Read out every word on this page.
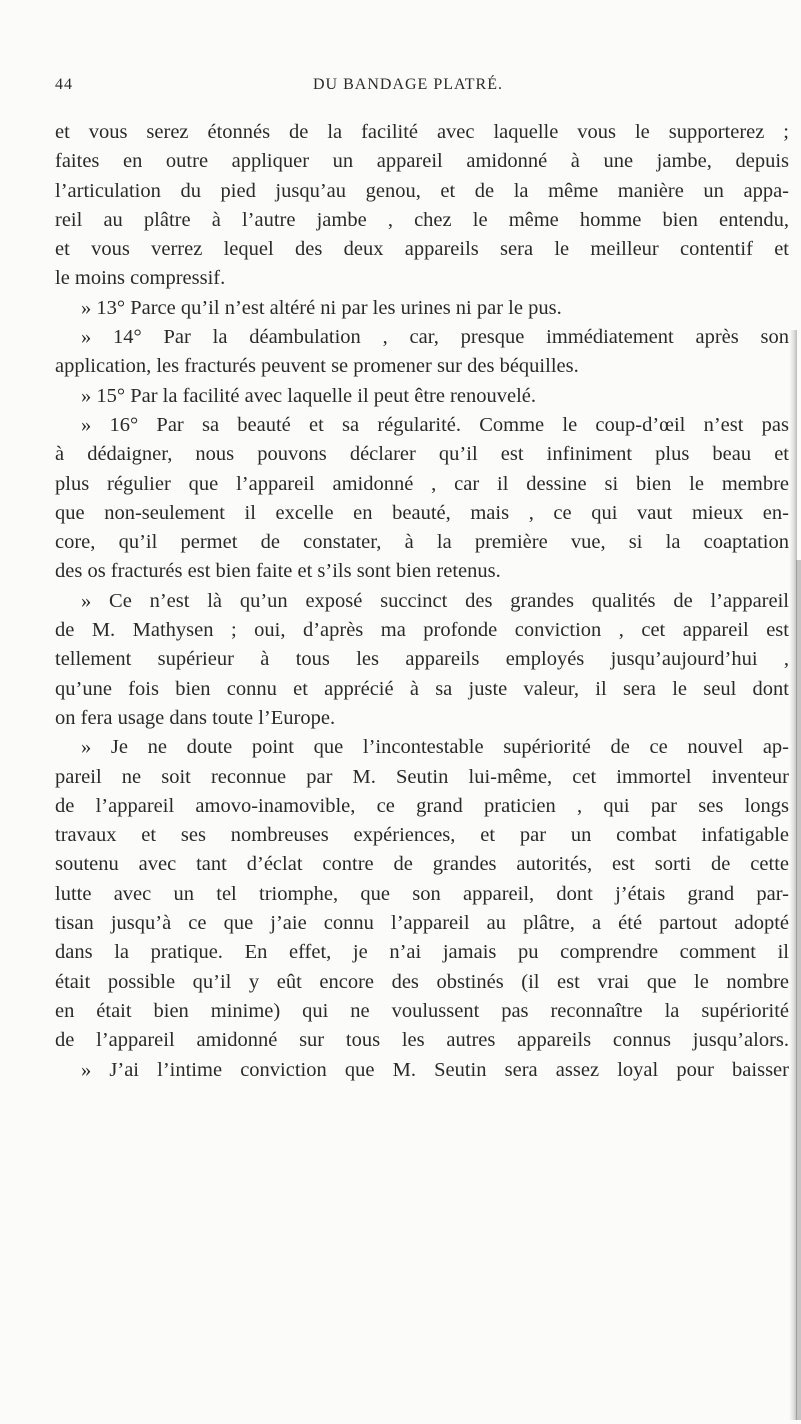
44	DU BANDAGE PLATRÉ.
et vous serez étonnés de la facilité avec laquelle vous le supporterez ;
faites en outre appliquer un appareil amidonné à une jambe, depuis
l’articulation du pied jusqu’au genou, et de la même manière un appa-
reil au plâtre à l’autre jambe , chez le même homme bien entendu,
et vous verrez lequel des deux appareils sera le meilleur contentif et
le moins compressif.
» 13° Parce qu’il n’est altéré ni par les urines ni par le pus.
» 14° Par la déambulation , car, presque immédiatement après son
application, les fracturés peuvent se promener sur des béquilles.
» 15° Par la facilité avec laquelle il peut être renouvelé.
» 16° Par sa beauté et sa régularité. Comme le coup-d’œil n’est pas
à dédaigner, nous pouvons déclarer qu’il est infiniment plus beau et
plus régulier que l’appareil amidonné , car il dessine si bien le membre
que non-seulement il excelle en beauté, mais , ce qui vaut mieux en-
core, qu’il permet de constater, à la première vue, si la coaptation
des os fracturés est bien faite et s’ils sont bien retenus.
» Ce n’est là qu’un exposé succinct des grandes qualités de l’appareil
de M. Mathysen ; oui, d’après ma profonde conviction , cet appareil est
tellement supérieur à tous les appareils employés jusqu’aujourd’hui ,
qu’une fois bien connu et apprécié à sa juste valeur, il sera le seul dont
on fera usage dans toute l’Europe.
» Je ne doute point que l’incontestable supériorité de ce nouvel ap-
pareil ne soit reconnue par M. Seutin lui-même, cet immortel inventeur
de l’appareil amovo-inamovible, ce grand praticien , qui par ses longs
travaux et ses nombreuses expériences, et par un combat infatigable
soutenu avec tant d’éclat contre de grandes autorités, est sorti de cette
lutte avec un tel triomphe, que son appareil, dont j’étais grand par-
tisan jusqu’à ce que j’aie connu l’appareil au plâtre, a été partout adopté
dans la pratique. En effet, je n’ai jamais pu comprendre comment il
était possible qu’il y eût encore des obstinés (il est vrai que le nombre
en était bien minime) qui ne voulussent pas reconnaître la supériorité
de l’appareil amidonné sur tous les autres appareils connus jusqu’alors.
» J’ai l’intime conviction que M. Seutin sera assez loyal pour baisser
